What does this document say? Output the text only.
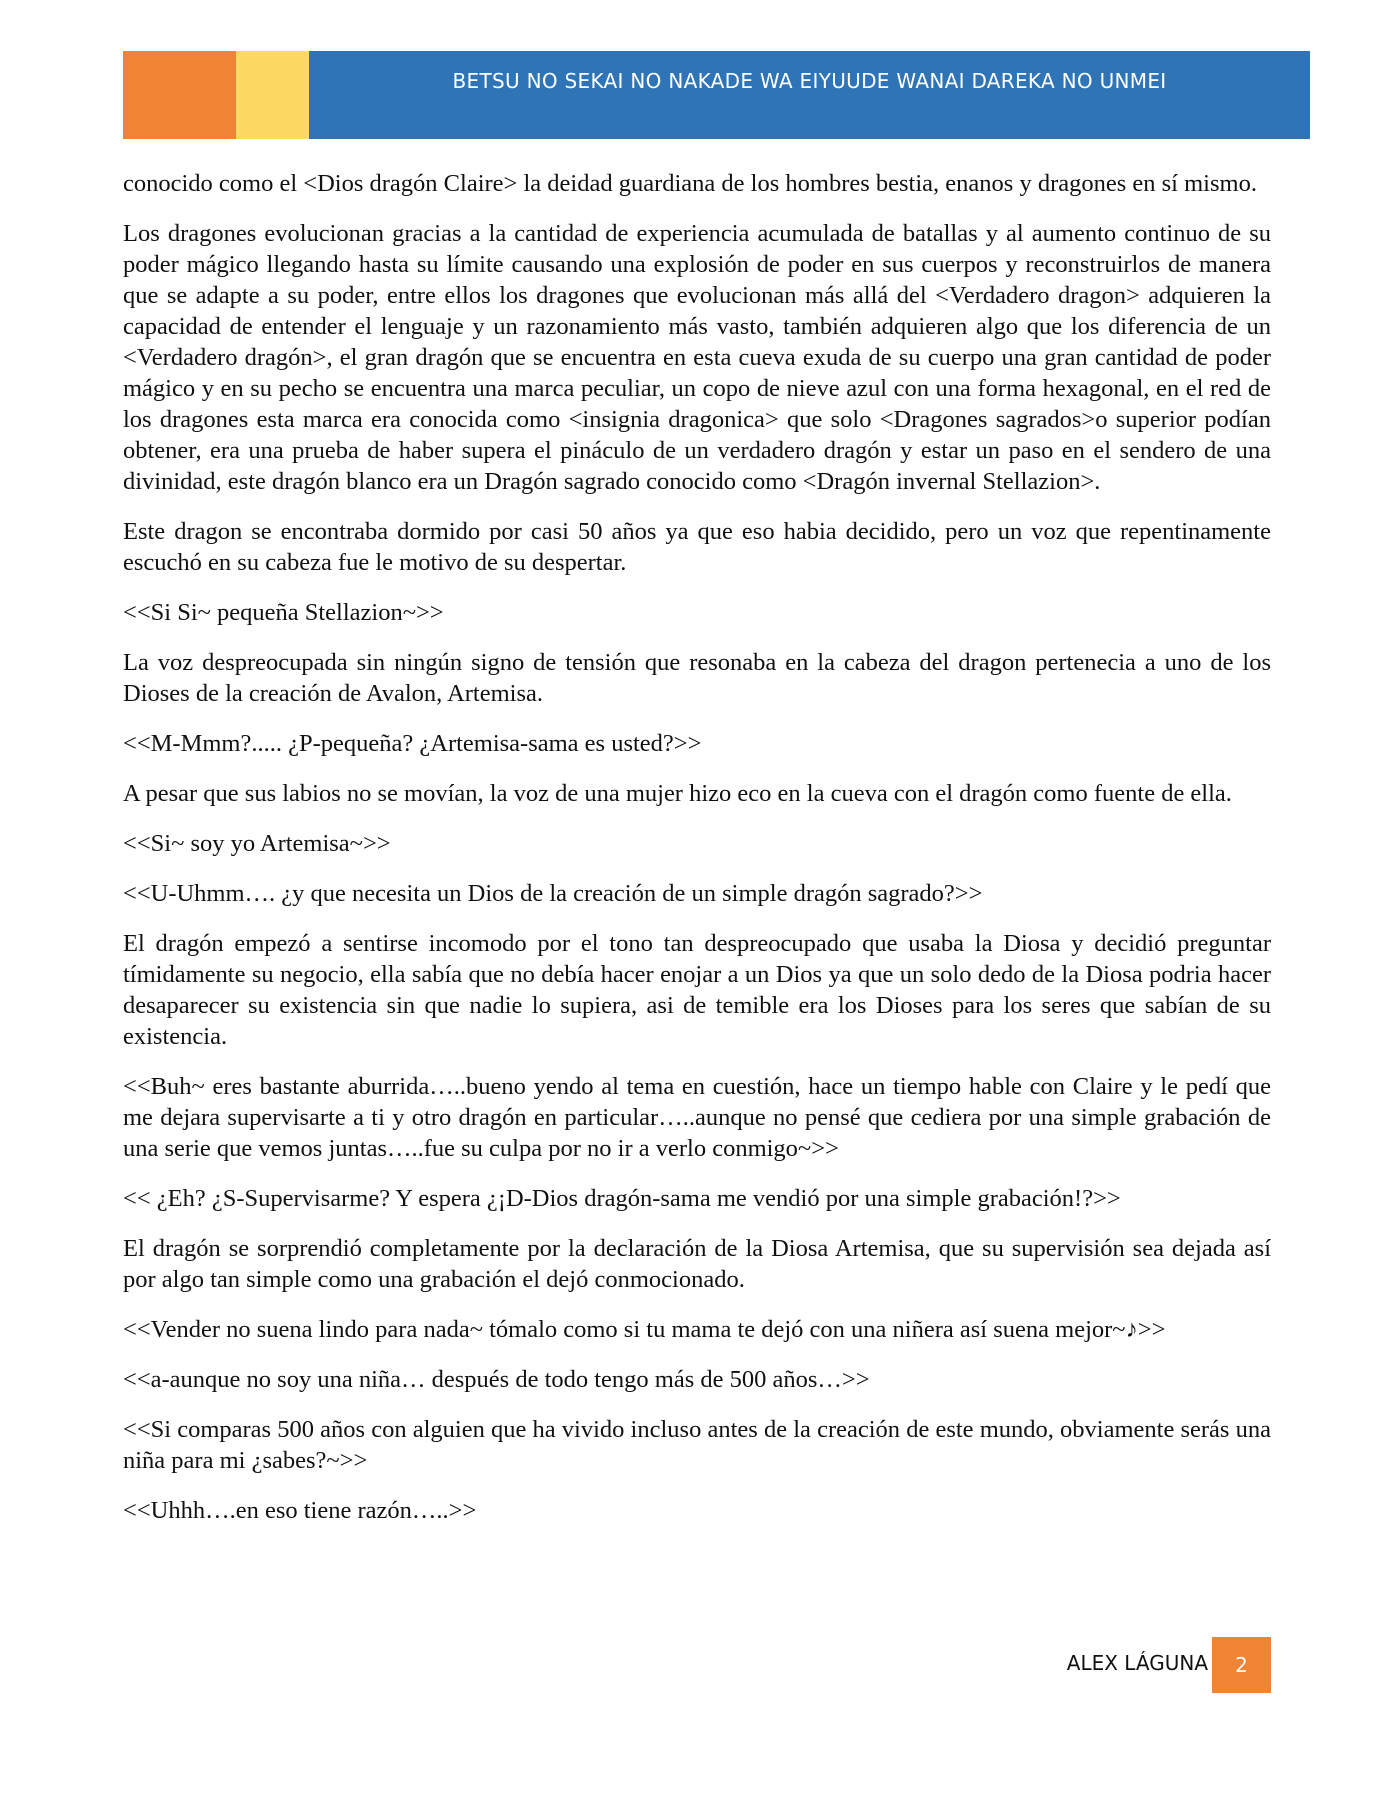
BETSU NO SEKAI NO NAKADE WA EIYUUDE WANAI DAREKA NO UNMEI

conocido como el <Dios dragón Claire> la deidad guardiana de los hombres bestia, enanos y dragones en sí mismo.

Los dragones evolucionan gracias a la cantidad de experiencia acumulada de batallas y al aumento continuo de su poder mágico llegando hasta su límite causando una explosión de poder en sus cuerpos y reconstruirlos de manera que se adapte a su poder, entre ellos los dragones que evolucionan más allá del <Verdadero dragon> adquieren la capacidad de entender el lenguaje y un razonamiento más vasto, también adquieren algo que los diferencia de un <Verdadero dragón>, el gran dragón que se encuentra en esta cueva exuda de su cuerpo una gran cantidad de poder mágico y en su pecho se encuentra una marca peculiar, un copo de nieve azul con una forma hexagonal, en el red de los dragones esta marca era conocida como <insignia dragonica> que solo <Dragones sagrados>o superior podían obtener, era una prueba de haber supera el pináculo de un verdadero dragón y estar un paso en el sendero de una divinidad, este dragón blanco era un Dragón sagrado conocido como <Dragón invernal Stellazion>.

Este dragon se encontraba dormido por casi 50 años ya que eso habia decidido, pero un voz que repentinamente escuchó en su cabeza fue le motivo de su despertar.

<<Si Si~ pequeña Stellazion~>>

La voz despreocupada sin ningún signo de tensión que resonaba en la cabeza del dragon pertenecia a uno de los Dioses de la creación de Avalon, Artemisa.

<<M-Mmm?..... ¿P-pequeña? ¿Artemisa-sama es usted?>>

A pesar que sus labios no se movían, la voz de una mujer hizo eco en la cueva con el dragón como fuente de ella.

<<Si~ soy yo Artemisa~>>

<<U-Uhmm…. ¿y que necesita un Dios de la creación de un simple dragón sagrado?>>

El dragón empezó a sentirse incomodo por el tono tan despreocupado que usaba la Diosa y decidió preguntar tímidamente su negocio, ella sabía que no debía hacer enojar a un Dios ya que un solo dedo de la Diosa podria hacer desaparecer su existencia sin que nadie lo supiera, asi de temible era los Dioses para los seres que sabían de su existencia.

<<Buh~ eres bastante aburrida…..bueno yendo al tema en cuestión, hace un tiempo hable con Claire y le pedí que me dejara supervisarte a ti y otro dragón en particular…..aunque no pensé que cediera por una simple grabación de una serie que vemos juntas…..fue su culpa por no ir a verlo conmigo~>>

<< ¿Eh? ¿S-Supervisarme? Y espera ¿¡D-Dios dragón-sama me vendió por una simple grabación!?>>

El dragón se sorprendió completamente por la declaración de la Diosa Artemisa, que su supervisión sea dejada así por algo tan simple como una grabación el dejó conmocionado.

<<Vender no suena lindo para nada~ tómalo como si tu mama te dejó con una niñera así suena mejor~♪>>

<<a-aunque no soy una niña… después de todo tengo más de 500 años…>>

<<Si comparas 500 años con alguien que ha vivido incluso antes de la creación de este mundo, obviamente serás una niña para mi ¿sabes?~>>

<<Uhhh….en eso tiene razón…..>>

ALEX LÁGUNA	2
